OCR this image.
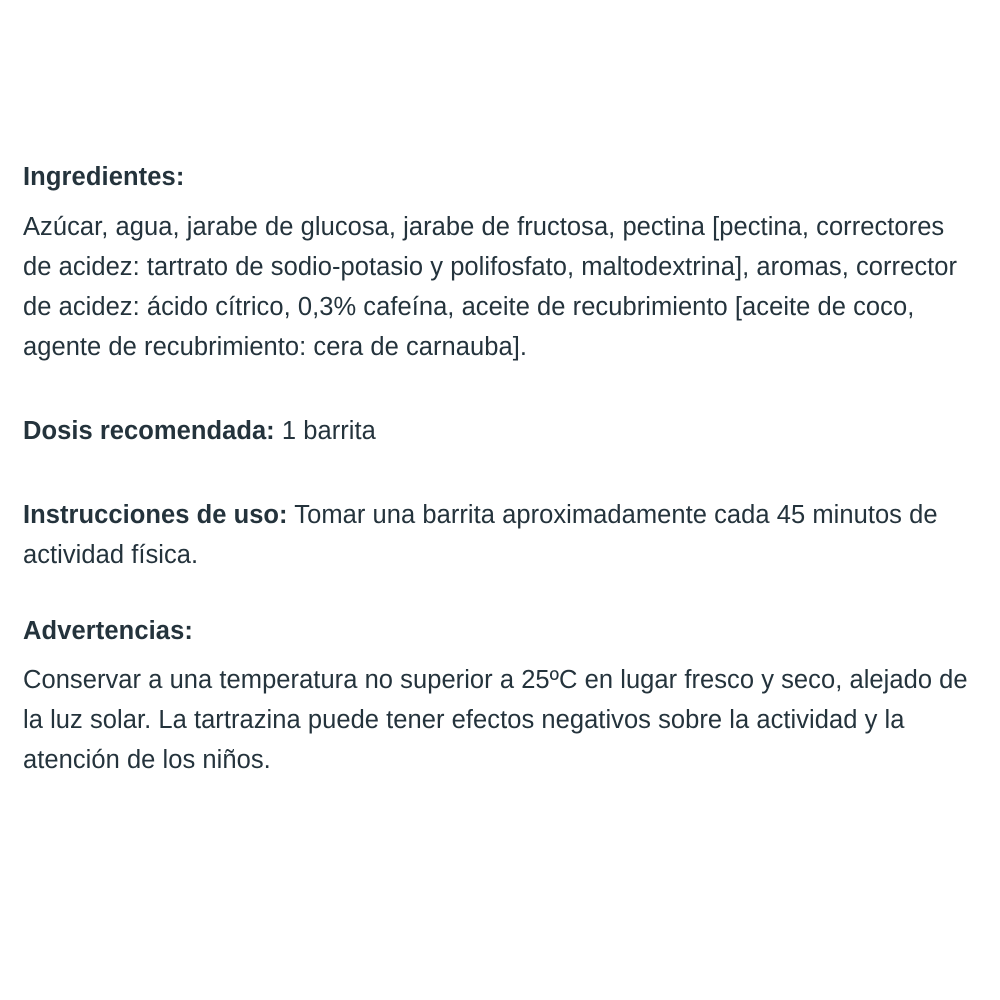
Ingredientes:

Azúcar, agua, jarabe de glucosa, jarabe de fructosa, pectina [pectina, correctores de acidez: tartrato de sodio-potasio y polifosfato, maltodextrina], aromas, corrector de acidez: ácido cítrico, 0,3% cafeína, aceite de recubrimiento [aceite de coco, agente de recubrimiento: cera de carnauba].

Dosis recomendada: 1 barrita

Instrucciones de uso: Tomar una barrita aproximadamente cada 45 minutos de actividad física.

Advertencias:

Conservar a una temperatura no superior a 25ºC en lugar fresco y seco, alejado de la luz solar. La tartrazina puede tener efectos negativos sobre la actividad y la atención de los niños.
